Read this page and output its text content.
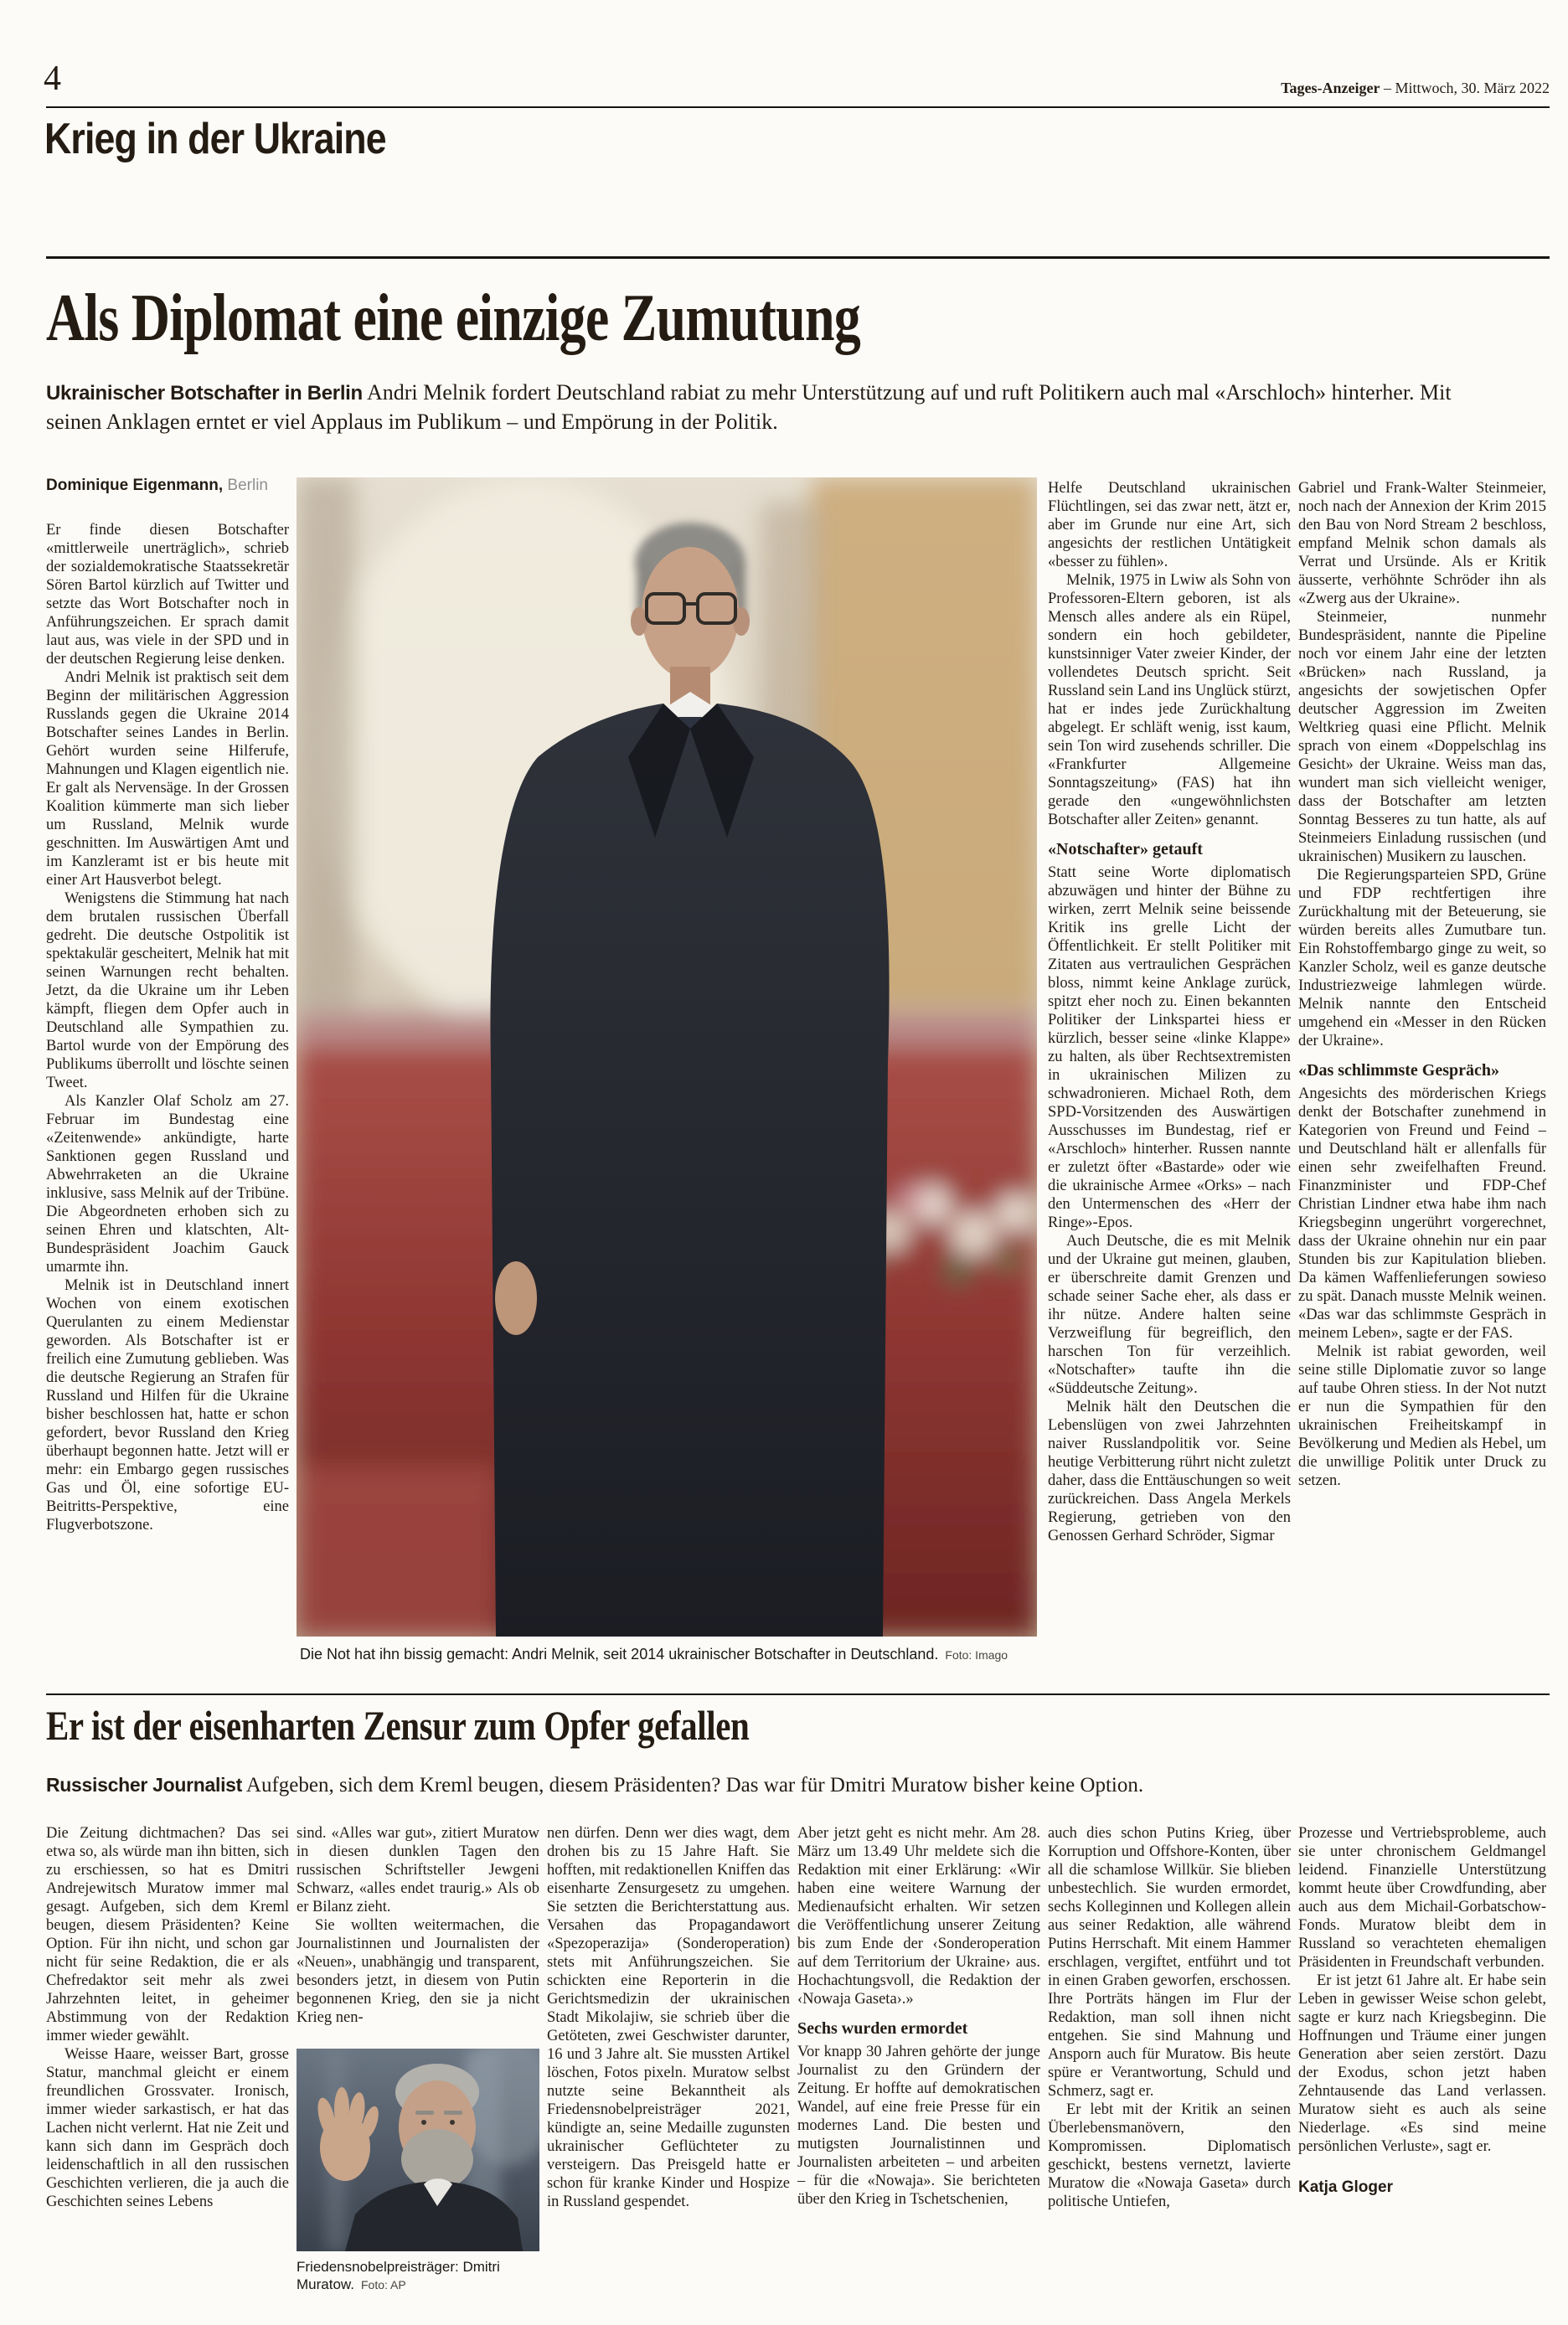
4	Tages-Anzeiger – Mittwoch, 30. März 2022
Krieg in der Ukraine
Als Diplomat eine einzige Zumutung

Ukrainischer Botschafter in Berlin Andri Melnik fordert Deutschland rabiat zu mehr Unterstützung auf und ruft Politikern auch mal «Arschloch» hinterher. Mit seinen Anklagen erntet er viel Applaus im Publikum – und Empörung in der Politik.

Dominique Eigenmann, Berlin

Er finde diesen Botschafter «mittlerweile unerträglich», schrieb der sozialdemokratische Staatssekretär Sören Bartol kürzlich auf Twitter und setzte das Wort Botschafter noch in Anführungszeichen. Er sprach damit laut aus, was viele in der SPD und in der deutschen Regierung leise denken.

Andri Melnik ist praktisch seit dem Beginn der militärischen Aggression Russlands gegen die Ukraine 2014 Botschafter seines Landes in Berlin. Gehört wurden seine Hilferufe, Mahnungen und Klagen eigentlich nie. Er galt als Nervensäge. In der Grossen Koalition kümmerte man sich lieber um Russland, Melnik wurde geschnitten. Im Auswärtigen Amt und im Kanzleramt ist er bis heute mit einer Art Hausverbot belegt.

Wenigstens die Stimmung hat nach dem brutalen russischen Überfall gedreht. Die deutsche Ostpolitik ist spektakulär gescheitert, Melnik hat mit seinen Warnungen recht behalten. Jetzt, da die Ukraine um ihr Leben kämpft, fliegen dem Opfer auch in Deutschland alle Sympathien zu. Bartol wurde von der Empörung des Publikums überrollt und löschte seinen Tweet.

Als Kanzler Olaf Scholz am 27. Februar im Bundestag eine «Zeitenwende» ankündigte, harte Sanktionen gegen Russland und Abwehrraketen an die Ukraine inklusive, sass Melnik auf der Tribüne. Die Abgeordneten erhoben sich zu seinen Ehren und klatschten, Alt-Bundespräsident Joachim Gauck umarmte ihn.

Melnik ist in Deutschland innert Wochen von einem exotischen Querulanten zu einem Medienstar geworden. Als Botschafter ist er freilich eine Zumutung geblieben. Was die deutsche Regierung an Strafen für Russland und Hilfen für die Ukraine bisher beschlossen hat, hatte er schon gefordert, bevor Russland den Krieg überhaupt begonnen hatte. Jetzt will er mehr: ein Embargo gegen russisches Gas und Öl, eine sofortige EU-Beitritts-Perspektive, eine Flugverbotszone.

Die Not hat ihn bissig gemacht: Andri Melnik, seit 2014 ukrainischer Botschafter in Deutschland. Foto: Imago

Helfe Deutschland ukrainischen Flüchtlingen, sei das zwar nett, ätzt er, aber im Grunde nur eine Art, sich angesichts der restlichen Untätigkeit «besser zu fühlen».

Melnik, 1975 in Lwiw als Sohn von Professoren-Eltern geboren, ist als Mensch alles andere als ein Rüpel, sondern ein hoch gebildeter, kunstsinniger Vater zweier Kinder, der vollendetes Deutsch spricht. Seit Russland sein Land ins Unglück stürzt, hat er indes jede Zurückhaltung abgelegt. Er schläft wenig, isst kaum, sein Ton wird zusehends schriller. Die «Frankfurter Allgemeine Sonntagszeitung» (FAS) hat ihn gerade den «ungewöhnlichsten Botschafter aller Zeiten» genannt.

«Notschafter» getauft

Statt seine Worte diplomatisch abzuwägen und hinter der Bühne zu wirken, zerrt Melnik seine beissende Kritik ins grelle Licht der Öffentlichkeit. Er stellt Politiker mit Zitaten aus vertraulichen Gesprächen bloss, nimmt keine Anklage zurück, spitzt eher noch zu. Einen bekannten Politiker der Linkspartei hiess er kürzlich, besser seine «linke Klappe» zu halten, als über Rechtsextremisten in ukrainischen Milizen zu schwadronieren. Michael Roth, dem SPD-Vorsitzenden des Auswärtigen Ausschusses im Bundestag, rief er «Arschloch» hinterher. Russen nannte er zuletzt öfter «Bastarde» oder wie die ukrainische Armee «Orks» – nach den Untermenschen des «Herr der Ringe»-Epos.

Auch Deutsche, die es mit Melnik und der Ukraine gut meinen, glauben, er überschreite damit Grenzen und schade seiner Sache eher, als dass er ihr nütze. Andere halten seine Verzweiflung für begreiflich, den harschen Ton für verzeihlich. «Notschafter» taufte ihn die «Süddeutsche Zeitung».

Melnik hält den Deutschen die Lebenslügen von zwei Jahrzehnten naiver Russlandpolitik vor. Seine heutige Verbitterung rührt nicht zuletzt daher, dass die Enttäuschungen so weit zurückreichen. Dass Angela Merkels Regierung, getrieben von den Genossen Gerhard Schröder, Sigmar

Gabriel und Frank-Walter Steinmeier, noch nach der Annexion der Krim 2015 den Bau von Nord Stream 2 beschloss, empfand Melnik schon damals als Verrat und Ursünde. Als er Kritik äusserte, verhöhnte Schröder ihn als «Zwerg aus der Ukraine».

Steinmeier, nunmehr Bundespräsident, nannte die Pipeline noch vor einem Jahr eine der letzten «Brücken» nach Russland, ja angesichts der sowjetischen Opfer deutscher Aggression im Zweiten Weltkrieg quasi eine Pflicht. Melnik sprach von einem «Doppelschlag ins Gesicht» der Ukraine. Weiss man das, wundert man sich vielleicht weniger, dass der Botschafter am letzten Sonntag Besseres zu tun hatte, als auf Steinmeiers Einladung russischen (und ukrainischen) Musikern zu lauschen.

Die Regierungsparteien SPD, Grüne und FDP rechtfertigen ihre Zurückhaltung mit der Beteuerung, sie würden bereits alles Zumutbare tun. Ein Rohstoffembargo ginge zu weit, so Kanzler Scholz, weil es ganze deutsche Industriezweige lahmlegen würde. Melnik nannte den Entscheid umgehend ein «Messer in den Rücken der Ukraine».

«Das schlimmste Gespräch»

Angesichts des mörderischen Kriegs denkt der Botschafter zunehmend in Kategorien von Freund und Feind – und Deutschland hält er allenfalls für einen sehr zweifelhaften Freund. Finanzminister und FDP-Chef Christian Lindner etwa habe ihm nach Kriegsbeginn ungerührt vorgerechnet, dass der Ukraine ohnehin nur ein paar Stunden bis zur Kapitulation blieben. Da kämen Waffenlieferungen sowieso zu spät. Danach musste Melnik weinen. «Das war das schlimmste Gespräch in meinem Leben», sagte er der FAS.

Melnik ist rabiat geworden, weil seine stille Diplomatie zuvor so lange auf taube Ohren stiess. In der Not nutzt er nun die Sympathien für den ukrainischen Freiheitskampf in Bevölkerung und Medien als Hebel, um die unwillige Politik unter Druck zu setzen.

Er ist der eisenharten Zensur zum Opfer gefallen

Russischer Journalist Aufgeben, sich dem Kreml beugen, diesem Präsidenten? Das war für Dmitri Muratow bisher keine Option.

Die Zeitung dichtmachen? Das sei etwa so, als würde man ihn bitten, sich zu erschiessen, so hat es Dmitri Andrejewitsch Muratow immer mal gesagt. Aufgeben, sich dem Kreml beugen, diesem Präsidenten? Keine Option. Für ihn nicht, und schon gar nicht für seine Redaktion, die er als Chefredaktor seit mehr als zwei Jahrzehnten leitet, in geheimer Abstimmung von der Redaktion immer wieder gewählt.

Weisse Haare, weisser Bart, grosse Statur, manchmal gleicht er einem freundlichen Grossvater. Ironisch, immer wieder sarkastisch, er hat das Lachen nicht verlernt. Hat nie Zeit und kann sich dann im Gespräch doch leidenschaftlich in all den russischen Geschichten verlieren, die ja auch die Geschichten seines Lebens

sind. «Alles war gut», zitiert Muratow in diesen dunklen Tagen den russischen Schriftsteller Jewgeni Schwarz, «alles endet traurig.» Als ob er Bilanz zieht.

Sie wollten weitermachen, die Journalistinnen und Journalisten der «Neuen», unabhängig und transparent, besonders jetzt, in diesem von Putin begonnenen Krieg, den sie ja nicht Krieg nen-

Friedensnobelpreisträger: Dmitri Muratow. Foto: AP

nen dürfen. Denn wer dies wagt, dem drohen bis zu 15 Jahre Haft. Sie hofften, mit redaktionellen Kniffen das eisenharte Zensurgesetz zu umgehen. Sie setzten die Berichterstattung aus. Versahen das Propagandawort «Spezoperazija» (Sonderoperation) stets mit Anführungszeichen. Sie schickten eine Reporterin in die Gerichtsmedizin der ukrainischen Stadt Mikolajiw, sie schrieb über die Getöteten, zwei Geschwister darunter, 16 und 3 Jahre alt. Sie mussten Artikel löschen, Fotos pixeln. Muratow selbst nutzte seine Bekanntheit als Friedensnobelpreisträger 2021, kündigte an, seine Medaille zugunsten ukrainischer Geflüchteter zu versteigern. Das Preisgeld hatte er schon für kranke Kinder und Hospize in Russland gespendet.

Aber jetzt geht es nicht mehr. Am 28. März um 13.49 Uhr meldete sich die Redaktion mit einer Erklärung: «Wir haben eine weitere Warnung der Medienaufsicht erhalten. Wir setzen die Veröffentlichung unserer Zeitung bis zum Ende der ‹Sonderoperation auf dem Territorium der Ukraine› aus. Hochachtungsvoll, die Redaktion der ‹Nowaja Gaseta›.»

Sechs wurden ermordet

Vor knapp 30 Jahren gehörte der junge Journalist zu den Gründern der Zeitung. Er hoffte auf demokratischen Wandel, auf eine freie Presse für ein modernes Land. Die besten und mutigsten Journalistinnen und Journalisten arbeiteten – und arbeiten – für die «Nowaja». Sie berichteten über den Krieg in Tschetschenien,

auch dies schon Putins Krieg, über Korruption und Offshore-Konten, über all die schamlose Willkür. Sie blieben unbestechlich. Sie wurden ermordet, sechs Kolleginnen und Kollegen allein aus seiner Redaktion, alle während Putins Herrschaft. Mit einem Hammer erschlagen, vergiftet, entführt und tot in einen Graben geworfen, erschossen. Ihre Porträts hängen im Flur der Redaktion, man soll ihnen nicht entgehen. Sie sind Mahnung und Ansporn auch für Muratow. Bis heute spüre er Verantwortung, Schuld und Schmerz, sagt er.

Er lebt mit der Kritik an seinen Überlebensmanövern, den Kompromissen. Diplomatisch geschickt, bestens vernetzt, lavierte Muratow die «Nowaja Gaseta» durch politische Untiefen,

Prozesse und Vertriebsprobleme, auch sie unter chronischem Geldmangel leidend. Finanzielle Unterstützung kommt heute über Crowdfunding, aber auch aus dem Michail-Gorbatschow-Fonds. Muratow bleibt dem in Russland so verachteten ehemaligen Präsidenten in Freundschaft verbunden.

Er ist jetzt 61 Jahre alt. Er habe sein Leben in gewisser Weise schon gelebt, sagte er kurz nach Kriegsbeginn. Die Hoffnungen und Träume einer jungen Generation aber seien zerstört. Dazu der Exodus, schon jetzt haben Zehntausende das Land verlassen. Muratow sieht es auch als seine Niederlage. «Es sind meine persönlichen Verluste», sagt er.

Katja Gloger
